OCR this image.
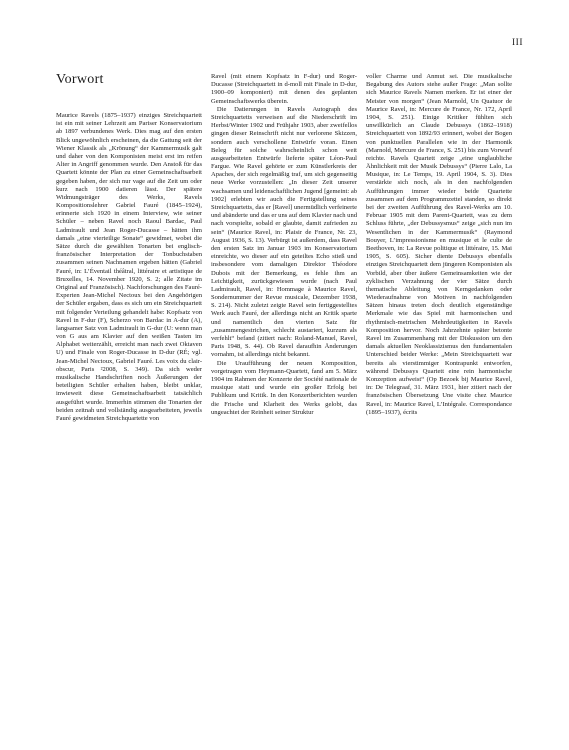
III
Vorwort

Maurice Ravels (1875–1937) einziges Streichquartett ist ein mit seiner Lehrzeit am Pariser Konservatorium ab 1897 verbundenes Werk. Dies mag auf den ersten Blick ungewöhnlich erscheinen, da die Gattung seit der Wiener Klassik als „Krönung“ der Kammermusik galt und daher von den Komponisten meist erst im reifen Alter in Angriff genommen wurde. Den Anstoß für das Quartett könnte der Plan zu einer Gemeinschaftsarbeit gegeben haben, der sich nur vage auf die Zeit um oder kurz nach 1900 datieren lässt. Der spätere Widmungsträger des Werks, Ravels Kompositionslehrer Gabriel Fauré (1845–1924), erinnerte sich 1920 in einem Interview, wie seiner Schüler – neben Ravel noch Raoul Bardac, Paul Ladmirault und Jean Roger-Ducasse – hätten ihm damals „eine vierteilige Sonate“ gewidmet, wobei die Sätze durch die gewählten Tonarten bei englisch-französischer Interpretation der Tonbuchstaben zusammen seinen Nachnamen ergeben hätten (Gabriel Fauré, in: L’Éventail théâtral, littéraire et artistique de Bruxelles, 14. November 1920, S. 2; alle Zitate im Original auf Französisch). Nachforschungen des Fauré-Experten Jean-Michel Nectoux bei den Angehörigen der Schüler ergaben, dass es sich um ein Streichquartett mit folgender Verteilung gehandelt habe: Kopfsatz von Ravel in F-dur (F), Scherzo von Bardac in A-dur (A), langsamer Satz von Ladmirault in G-dur (U: wenn man von G aus am Klavier auf den weißen Tasten im Alphabet weiterzählt, erreicht man nach zwei Oktaven U) und Finale von Roger-Ducasse in D-dur (RÉ; vgl. Jean-Michel Nectoux, Gabriel Fauré. Les voix du clair-obscur, Paris ²2008, S. 349). Da sich weder musikalische Handschriften noch Äußerungen der beteiligten Schüler erhalten haben, bleibt unklar, inwieweit diese Gemeinschaftsarbeit tatsächlich ausgeführt wurde. Immerhin stimmen die Tonarten der beiden zeitnah und vollständig ausgearbeiteten, jeweils Fauré gewidmeten Streichquartette von

Ravel (mit einem Kopfsatz in F-dur) und Roger-Ducasse (Streichquartett in d-moll mit Finale in D-dur, 1900–09 komponiert) mit denen des geplanten Gemeinschaftswerks überein.

Die Datierungen in Ravels Autograph des Streichquartetts verweisen auf die Niederschrift im Herbst/Winter 1902 und Frühjahr 1903, aber zweifellos gingen dieser Reinschrift nicht nur verlorene Skizzen, sondern auch verschollene Entwürfe voran. Einen Beleg für solche wahrscheinlich schon weit ausgearbeiteten Entwürfe lieferte später Léon-Paul Fargue. Wie Ravel gehörte er zum Künstlerkreis der Apaches, der sich regelmäßig traf, um sich gegenseitig neue Werke vorzustellen: „In dieser Zeit unserer wachsamen und leidenschaftlichen Jugend [gemeint: ab 1902] erlebten wir auch die Fertigstellung seines Streichquartetts, das er [Ravel] unermüdlich verfeinerte und abänderte und das er uns auf dem Klavier nach und nach vorspielte, sobald er glaubte, damit zufrieden zu sein“ (Maurice Ravel, in: Plaisir de France, Nr. 23, August 1936, S. 13). Verbürgt ist außerdem, dass Ravel den ersten Satz im Januar 1903 im Konservatorium einreichte, wo dieser auf ein geteiltes Echo stieß und insbesondere vom damaligen Direktor Théodore Dubois mit der Bemerkung, es fehle ihm an Leichtigkeit, zurückgewiesen wurde (nach Paul Ladmirault, Ravel, in: Hommage à Maurice Ravel, Sondernummer der Revue musicale, Dezember 1938, S. 214). Nicht zuletzt zeigte Ravel sein fertiggestelltes Werk auch Fauré, der allerdings nicht an Kritik sparte und namentlich den vierten Satz für „zusammengestrichen, schlecht austariert, kurzum als verfehlt“ befand (zitiert nach: Roland-Manuel, Ravel, Paris 1948, S. 44). Ob Ravel daraufhin Änderungen vornahm, ist allerdings nicht bekannt.

Die Uraufführung der neuen Komposition, vorgetragen vom Heymann-Quartett, fand am 5. März 1904 im Rahmen der Konzerte der Société nationale de musique statt und wurde ein großer Erfolg bei Publikum und Kritik. In den Konzertberichten wurden die Frische und Klarheit des Werks gelobt, das ungeachtet der Reinheit seiner Struktur

voller Charme und Anmut sei. Die musikalische Begabung des Autors stehe außer Frage: „Man sollte sich Maurice Ravels Namen merken. Er ist einer der Meister von morgen“ (Jean Marnold, Un Quatuor de Maurice Ravel, in: Mercure de France, Nr. 172, April 1904, S. 251). Einige Kritiker fühlten sich unwillkürlich an Claude Debussys (1862–1918) Streichquartett von 1892/93 erinnert, wobei der Bogen von punktuellen Parallelen wie in der Harmonik (Marnold, Mercure de France, S. 251) bis zum Vorwurf reichte. Ravels Quartett zeige „eine unglaubliche Ähnlichkeit mit der Musik Debussys“ (Pierre Lalo, La Musique, in: Le Temps, 19. April 1904, S. 3). Dies verstärkte sich noch, als in den nachfolgenden Aufführungen immer wieder beide Quartette zusammen auf dem Programmzettel standen, so direkt bei der zweiten Aufführung des Ravel-Werks am 10. Februar 1905 mit dem Parent-Quartett, was zu dem Schluss führte, „der Debussysmus“ zeige „sich nun im Wesentlichen in der Kammermusik“ (Raymond Bouyer, L’impressionisme en musique et le culte de Beethoven, in: La Revue politique et littéraire, 15. Mai 1905, S. 605). Sicher diente Debussys ebenfalls einziges Streichquartett dem jüngeren Komponisten als Vorbild, aber über äußere Gemeinsamkeiten wie der zyklischen Verzahnung der vier Sätze durch thematische Ableitung von Kerngedanken oder Wiederaufnahme von Motiven in nachfolgenden Sätzen hinaus treten doch deutlich eigenständige Merkmale wie das Spiel mit harmonischen und rhythmisch-metrischen Mehrdeutigkeiten in Ravels Komposition hervor. Noch Jahrzehnte später betonte Ravel im Zusammenhang mit der Diskussion um den damals aktuellen Neoklassizismus den fundamentalen Unterschied beider Werke: „Mein Streichquartett war bereits als vierstimmiger Kontrapunkt entworfen, während Debussys Quartett eine rein harmonische Konzeption aufweist“ (Op Bezoek bij Maurice Ravel, in: De Telegraaf, 31. März 1931, hier zitiert nach der französischen Übersetzung Une visite chez Maurice Ravel, in: Maurice Ravel, L’Intégrale. Correspondance (1895–1937), écrits
